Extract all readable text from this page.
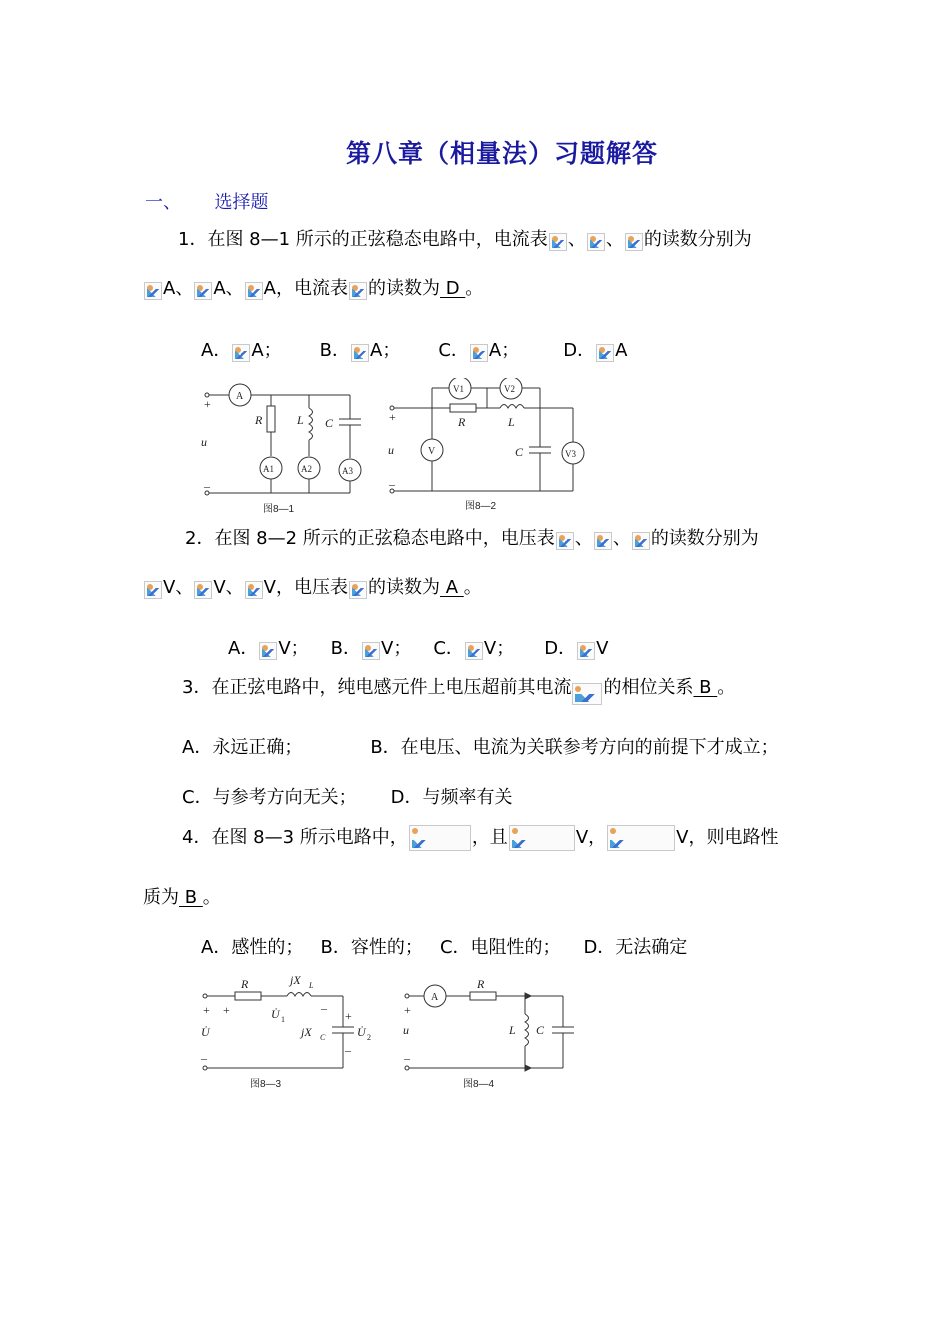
第八章（相量法）习题解答
一、 选择题
1．在图 8—1 所示的正弦稳态电路中，电流表 、 、 的读数分别为
A、 A、 A，电流表 的读数为 D 。
A． A； B． A； C． A； D． A
+
–
u
A
R	L C
A1	A2	A3
图8—1
+
–
u
V1	V2
R	L
V	C	V3
图8—2
2．在图 8—2 所示的正弦稳态电路中，电压表 、 、 的读数分别为
V、 V、 V，电压表 的读数为 A 。
A． V； B． V； C． V； D． V
3．在正弦电路中，纯电感元件上电压超前其电流 的相位关系 B 。
A．永远正确；	B．在电压、电流为关联参考方向的前提下才成立；
C．与参考方向无关； D．与频率有关
4．在图 8—3 所示电路中，	，且	V，	V，则电路性
质为 B 。
A．感性的；   B．容性的；   C．电阻性的；    D．无法确定
R	jX L
+ +	U̇ 1
–
+
jX C	U̇ 2
–
U̇
–
图8—3
A
R
+
u
–
L C
图8—4
